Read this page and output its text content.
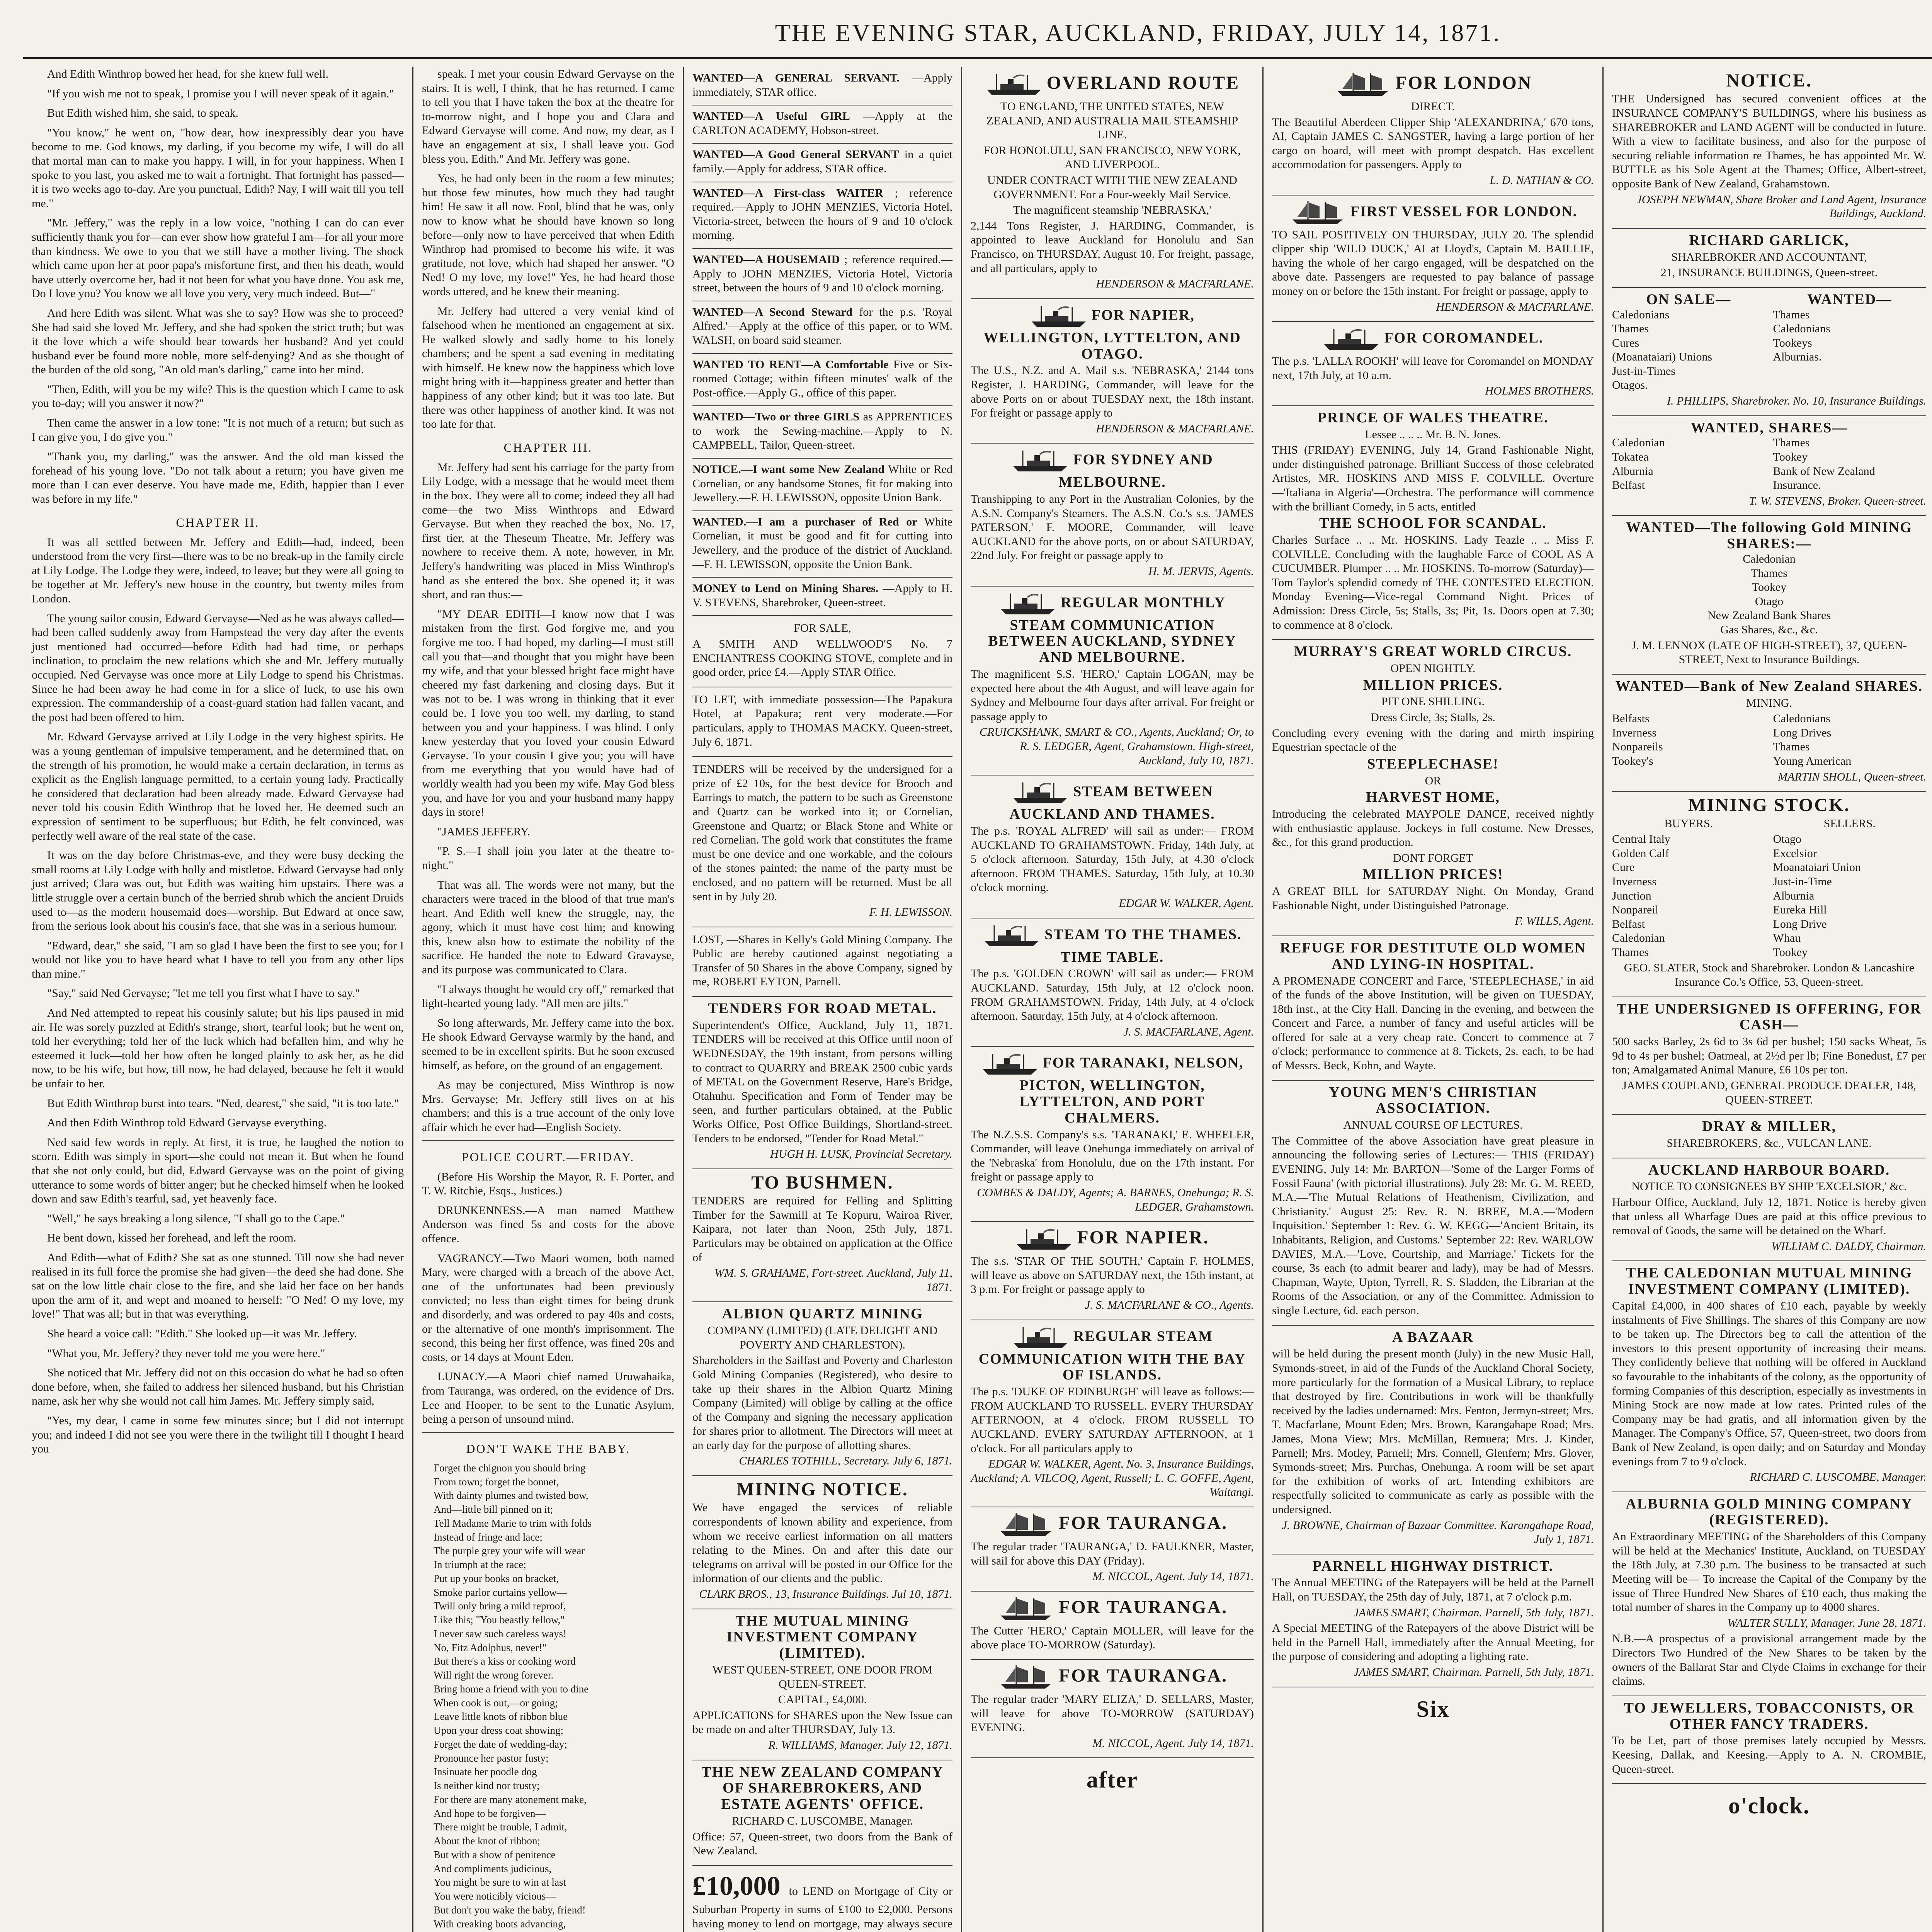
THE EVENING STAR, AUCKLAND, FRIDAY, JULY 14, 1871.

And Edith Winthrop bowed her head, for she knew full well.

"If you wish me not to speak, I promise you I will never speak of it again."

But Edith wished him, she said, to speak.

"You know," he went on, "how dear, how inexpressibly dear you have become to me. God knows, my darling, if you become my wife, I will do all that mortal man can to make you happy. I will, in for your happiness. When I spoke to you last, you asked me to wait a fortnight. That fortnight has passed—it is two weeks ago to-day. Are you punctual, Edith? Nay, I will wait till you tell me."

"Mr. Jeffery," was the reply in a low voice, "nothing I can do can ever sufficiently thank you for—can ever show how grateful I am—for all your more than kindness. We owe to you that we still have a mother living. The shock which came upon her at poor papa's misfortune first, and then his death, would have utterly overcome her, had it not been for what you have done. You ask me, Do I love you? You know we all love you very, very much indeed. But—"

And here Edith was silent. What was she to say? How was she to proceed? She had said she loved Mr. Jeffery, and she had spoken the strict truth; but was it the love which a wife should bear towards her husband? And yet could husband ever be found more noble, more self-denying? And as she thought of the burden of the old song, "An old man's darling," came into her mind.

"Then, Edith, will you be my wife? This is the question which I came to ask you to-day; will you answer it now?"

Then came the answer in a low tone: "It is not much of a return; but such as I can give you, I do give you."

"Thank you, my darling," was the answer. And the old man kissed the forehead of his young love. "Do not talk about a return; you have given me more than I can ever deserve. You have made me, Edith, happier than I ever was before in my life."

CHAPTER II.

It was all settled between Mr. Jeffery and Edith—had, indeed, been understood from the very first—there was to be no break-up in the family circle at Lily Lodge. The Lodge they were, indeed, to leave; but they were all going to be together at Mr. Jeffery's new house in the country, but twenty miles from London.

The young sailor cousin, Edward Gervayse—Ned as he was always called—had been called suddenly away from Hampstead the very day after the events just mentioned had occurred—before Edith had had time, or perhaps inclination, to proclaim the new relations which she and Mr. Jeffery mutually occupied. Ned Gervayse was once more at Lily Lodge to spend his Christmas. Since he had been away he had come in for a slice of luck, to use his own expression. The commandership of a coast-guard station had fallen vacant, and the post had been offered to him.

Mr. Edward Gervayse arrived at Lily Lodge in the very highest spirits. He was a young gentleman of impulsive temperament, and he determined that, on the strength of his promotion, he would make a certain declaration, in terms as explicit as the English language permitted, to a certain young lady. Practically he considered that declaration had been already made. Edward Gervayse had never told his cousin Edith Winthrop that he loved her. He deemed such an expression of sentiment to be superfluous; but Edith, he felt convinced, was perfectly well aware of the real state of the case.

It was on the day before Christmas-eve, and they were busy decking the small rooms at Lily Lodge with holly and mistletoe. Edward Gervayse had only just arrived; Clara was out, but Edith was waiting him upstairs. There was a little struggle over a certain bunch of the berried shrub which the ancient Druids used to—as the modern housemaid does—worship. But Edward at once saw, from the serious look about his cousin's face, that she was in a serious humour.

"Edward, dear," she said, "I am so glad I have been the first to see you; for I would not like you to have heard what I have to tell you from any other lips than mine."

"Say," said Ned Gervayse; "let me tell you first what I have to say."

And Ned attempted to repeat his cousinly salute; but his lips paused in mid air. He was sorely puzzled at Edith's strange, short, tearful look; but he went on, told her everything; told her of the luck which had befallen him, and why he esteemed it luck—told her how often he longed plainly to ask her, as he did now, to be his wife, but how, till now, he had delayed, because he felt it would be unfair to her.

But Edith Winthrop burst into tears. "Ned, dearest," she said, "it is too late."

And then Edith Winthrop told Edward Gervayse everything.

Ned said few words in reply. At first, it is true, he laughed the notion to scorn. Edith was simply in sport—she could not mean it. But when he found that she not only could, but did, Edward Gervayse was on the point of giving utterance to some words of bitter anger; but he checked himself when he looked down and saw Edith's tearful, sad, yet heavenly face.

"Well," he says breaking a long silence, "I shall go to the Cape."

He bent down, kissed her forehead, and left the room.

And Edith—what of Edith? She sat as one stunned. Till now she had never realised in its full force the promise she had given—the deed she had done. She sat on the low little chair close to the fire, and she laid her face on her hands upon the arm of it, and wept and moaned to herself: "O Ned! O my love, my love!" That was all; but in that was everything.

She heard a voice call: "Edith." She looked up—it was Mr. Jeffery.

"What you, Mr. Jeffery? they never told me you were here."

She noticed that Mr. Jeffery did not on this occasion do what he had so often done before, when, she failed to address her silenced husband, but his Christian name, ask her why she would not call him James. Mr. Jeffery simply said,

"Yes, my dear, I came in some few minutes since; but I did not interrupt you; and indeed I did not see you were there in the twilight till I thought I heard you

speak. I met your cousin Edward Gervayse on the stairs. It is well, I think, that he has returned. I came to tell you that I have taken the box at the theatre for to-morrow night, and I hope you and Clara and Edward Gervayse will come. And now, my dear, as I have an engagement at six, I shall leave you. God bless you, Edith." And Mr. Jeffery was gone.

Yes, he had only been in the room a few minutes; but those few minutes, how much they had taught him! He saw it all now. Fool, blind that he was, only now to know what he should have known so long before—only now to have perceived that when Edith Winthrop had promised to become his wife, it was gratitude, not love, which had shaped her answer. "O Ned! O my love, my love!" Yes, he had heard those words uttered, and he knew their meaning.

Mr. Jeffery had uttered a very venial kind of falsehood when he mentioned an engagement at six. He walked slowly and sadly home to his lonely chambers; and he spent a sad evening in meditating with himself. He knew now the happiness which love might bring with it—happiness greater and better than happiness of any other kind; but it was too late. But there was other happiness of another kind. It was not too late for that.

CHAPTER III.

Mr. Jeffery had sent his carriage for the party from Lily Lodge, with a message that he would meet them in the box. They were all to come; indeed they all had come—the two Miss Winthrops and Edward Gervayse. But when they reached the box, No. 17, first tier, at the Theseum Theatre, Mr. Jeffery was nowhere to receive them. A note, however, in Mr. Jeffery's handwriting was placed in Miss Winthrop's hand as she entered the box. She opened it; it was short, and ran thus:—

"MY DEAR EDITH—I know now that I was mistaken from the first. God forgive me, and you forgive me too. I had hoped, my darling—I must still call you that—and thought that you might have been my wife, and that your blessed bright face might have cheered my fast darkening and closing days. But it was not to be. I was wrong in thinking that it ever could be. I love you too well, my darling, to stand between you and your happiness. I was blind. I only knew yesterday that you loved your cousin Edward Gervayse. To your cousin I give you; you will have from me everything that you would have had of worldly wealth had you been my wife. May God bless you, and have for you and your husband many happy days in store!

"JAMES JEFFERY.

"P. S.—I shall join you later at the theatre to-night."

That was all. The words were not many, but the characters were traced in the blood of that true man's heart. And Edith well knew the struggle, nay, the agony, which it must have cost him; and knowing this, knew also how to estimate the nobility of the sacrifice. He handed the note to Edward Gravayse, and its purpose was communicated to Clara.

"I always thought he would cry off," remarked that light-hearted young lady. "All men are jilts."

So long afterwards, Mr. Jeffery came into the box. He shook Edward Gervayse warmly by the hand, and seemed to be in excellent spirits. But he soon excused himself, as before, on the ground of an engagement.

As may be conjectured, Miss Winthrop is now Mrs. Gervayse; Mr. Jeffery still lives on at his chambers; and this is a true account of the only love affair which he ever had—English Society.

POLICE COURT.—FRIDAY.

(Before His Worship the Mayor, R. F. Porter, and T. W. Ritchie, Esqs., Justices.)

DRUNKENNESS.—A man named Matthew Anderson was fined 5s and costs for the above offence.

VAGRANCY.—Two Maori women, both named Mary, were charged with a breach of the above Act, one of the unfortunates had been previously convicted; no less than eight times for being drunk and disorderly, and was ordered to pay 40s and costs, or the alternative of one month's imprisonment. The second, this being her first offence, was fined 20s and costs, or 14 days at Mount Eden.

LUNACY.—A Maori chief named Uruwahaika, from Tauranga, was ordered, on the evidence of Drs. Lee and Hooper, to be sent to the Lunatic Asylum, being a person of unsound mind.

DON'T WAKE THE BABY.
Forget the chignon you should bring
From town; forget the bonnet,
With dainty plumes and twisted bow,
And—little bill pinned on it;
Tell Madame Marie to trim with folds
Instead of fringe and lace;
The purple grey your wife will wear
In triumph at the race;
Put up your books on bracket,
Smoke parlor curtains yellow—
Twill only bring a mild reproof,
Like this; "You beastly fellow,"
I never saw such careless ways!
No, Fitz Adolphus, never!"
But there's a kiss or cooking word
Will right the wrong forever.
Bring home a friend with you to dine
When cook is out,—or going;
Leave little knots of ribbon blue
Upon your dress coat showing;
Forget the date of wedding-day;
Pronounce her pastor fusty;
Insinuate her poodle dog
Is neither kind nor trusty;
For there are many atonement make,
And hope to be forgiven—
There might be trouble, I admit,
About the knot of ribbon;
But with a show of penitence
And compliments judicious,
You might be sure to win at last
You were noticibly vicious—
But don't you wake the baby, friend!
With creaking boots advancing,
WANTED—A GENERAL SERVANT. —Apply immediately, STAR office.
WANTED—A Useful GIRL —Apply at the CARLTON ACADEMY, Hobson-street.
WANTED—A Good General SERVANT in a quiet family.—Apply for address, STAR office.
WANTED—A First-class WAITER ; reference required.—Apply to JOHN MENZIES, Victoria Hotel, Victoria-street, between the hours of 9 and 10 o'clock morning.
WANTED—A HOUSEMAID ; reference required.—Apply to JOHN MENZIES, Victoria Hotel, Victoria street, between the hours of 9 and 10 o'clock morning.
WANTED—A Second Steward for the p.s. 'Royal Alfred.'—Apply at the office of this paper, or to WM. WALSH, on board said steamer.
WANTED TO RENT—A Comfortable Five or Six-roomed Cottage; within fifteen minutes' walk of the Post-office.—Apply G., office of this paper.
WANTED—Two or three GIRLS as APPRENTICES to work the Sewing-machine.—Apply to N. CAMPBELL, Tailor, Queen-street.
NOTICE.—I want some New Zealand White or Red Cornelian, or any handsome Stones, fit for making into Jewellery.—F. H. LEWISSON, opposite Union Bank.
WANTED.—I am a purchaser of Red or White Cornelian, it must be good and fit for cutting into Jewellery, and the produce of the district of Auckland.—F. H. LEWISSON, opposite the Union Bank.
MONEY to Lend on Mining Shares. —Apply to H. V. STEVENS, Sharebroker, Queen-street.
FOR SALE,
A SMITH AND WELLWOOD'S No. 7 ENCHANTRESS COOKING STOVE, complete and in good order, price £4.—Apply STAR Office.
TO LET, with immediate possession—The Papakura Hotel, at Papakura; rent very moderate.—For particulars, apply to THOMAS MACKY. Queen-street, July 6, 1871.
TENDERS will be received by the undersigned for a prize of £2 10s, for the best device for Brooch and Earrings to match, the pattern to be such as Greenstone and Quartz can be worked into it; or Cornelian, Greenstone and Quartz; or Black Stone and White or red Cornelian. The gold work that constitutes the frame must be one device and one workable, and the colours of the stones painted; the name of the party must be enclosed, and no pattern will be returned. Must be all sent in by July 20.
F. H. LEWISSON.
LOST, —Shares in Kelly's Gold Mining Company. The Public are hereby cautioned against negotiating a Transfer of 50 Shares in the above Company, signed by me, ROBERT EYTON, Parnell.
TENDERS FOR ROAD METAL.
Superintendent's Office, Auckland, July 11, 1871. TENDERS will be received at this Office until noon of WEDNESDAY, the 19th instant, from persons willing to contract to QUARRY and BREAK 2500 cubic yards of METAL on the Government Reserve, Hare's Bridge, Otahuhu. Specification and Form of Tender may be seen, and further particulars obtained, at the Public Works Office, Post Office Buildings, Shortland-street. Tenders to be endorsed, "Tender for Road Metal."
HUGH H. LUSK, Provincial Secretary.
TO BUSHMEN.
TENDERS are required for Felling and Splitting Timber for the Sawmill at Te Kopuru, Wairoa River, Kaipara, not later than Noon, 25th July, 1871. Particulars may be obtained on application at the Office of
WM. S. GRAHAME, Fort-street. Auckland, July 11, 1871.
ALBION QUARTZ MINING
COMPANY (LIMITED) (LATE DELIGHT AND POVERTY AND CHARLESTON).
Shareholders in the Sailfast and Poverty and Charleston Gold Mining Companies (Registered), who desire to take up their shares in the Albion Quartz Mining Company (Limited) will oblige by calling at the office of the Company and signing the necessary application for shares prior to allotment. The Directors will meet at an early day for the purpose of allotting shares.
CHARLES TOTHILL, Secretary. July 6, 1871.
MINING NOTICE.
We have engaged the services of reliable correspondents of known ability and experience, from whom we receive earliest information on all matters relating to the Mines. On and after this date our telegrams on arrival will be posted in our Office for the information of our clients and the public.
CLARK BROS., 13, Insurance Buildings. Jul 10, 1871.
THE MUTUAL MINING INVESTMENT COMPANY (LIMITED).
WEST QUEEN-STREET, ONE DOOR FROM QUEEN-STREET.
CAPITAL, £4,000.
APPLICATIONS for SHARES upon the New Issue can be made on and after THURSDAY, July 13.
R. WILLIAMS, Manager. July 12, 1871.
THE NEW ZEALAND COMPANY OF SHAREBROKERS, AND ESTATE AGENTS' OFFICE.
RICHARD C. LUSCOMBE, Manager.
Office: 57, Queen-street, two doors from the Bank of New Zealand.
£10,000 to LEND on Mortgage of City or Suburban Property in sums of £100 to £2,000. Persons having money to lend on mortgage, may always secure
OVERLAND ROUTE
TO ENGLAND, THE UNITED STATES, NEW ZEALAND, AND AUSTRALIA MAIL STEAMSHIP LINE.
FOR HONOLULU, SAN FRANCISCO, NEW YORK, AND LIVERPOOL.
UNDER CONTRACT WITH THE NEW ZEALAND GOVERNMENT. For a Four-weekly Mail Service.
The magnificent steamship 'NEBRASKA,'
2,144 Tons Register, J. HARDING, Commander, is appointed to leave Auckland for Honolulu and San Francisco, on THURSDAY, August 10. For freight, passage, and all particulars, apply to
HENDERSON & MACFARLANE.
FOR NAPIER, WELLINGTON, LYTTELTON, AND OTAGO.
The U.S., N.Z. and A. Mail s.s. 'NEBRASKA,' 2144 tons Register, J. HARDING, Commander, will leave for the above Ports on or about TUESDAY next, the 18th instant. For freight or passage apply to
HENDERSON & MACFARLANE.
FOR SYDNEY AND MELBOURNE.
Transhipping to any Port in the Australian Colonies, by the A.S.N. Company's Steamers. The A.S.N. Co.'s s.s. 'JAMES PATERSON,' F. MOORE, Commander, will leave AUCKLAND for the above ports, on or about SATURDAY, 22nd July. For freight or passage apply to
H. M. JERVIS, Agents.
REGULAR MONTHLY STEAM COMMUNICATION BETWEEN AUCKLAND, SYDNEY AND MELBOURNE.
The magnificent S.S. 'HERO,' Captain LOGAN, may be expected here about the 4th August, and will leave again for Sydney and Melbourne four days after arrival. For freight or passage apply to
CRUICKSHANK, SMART & CO., Agents, Auckland; Or, to R. S. LEDGER, Agent, Grahamstown. High-street, Auckland, July 10, 1871.
STEAM BETWEEN AUCKLAND AND THAMES.
The p.s. 'ROYAL ALFRED' will sail as under:— FROM AUCKLAND TO GRAHAMSTOWN. Friday, 14th July, at 5 o'clock afternoon. Saturday, 15th July, at 4.30 o'clock afternoon. FROM THAMES. Saturday, 15th July, at 10.30 o'clock morning.
EDGAR W. WALKER, Agent.
STEAM TO THE THAMES. TIME TABLE.
The p.s. 'GOLDEN CROWN' will sail as under:— FROM AUCKLAND. Saturday, 15th July, at 12 o'clock noon. FROM GRAHAMSTOWN. Friday, 14th July, at 4 o'clock afternoon. Saturday, 15th July, at 4 o'clock afternoon.
J. S. MACFARLANE, Agent.
FOR TARANAKI, NELSON, PICTON, WELLINGTON, LYTTELTON, AND PORT CHALMERS.
The N.Z.S.S. Company's s.s. 'TARANAKI,' E. WHEELER, Commander, will leave Onehunga immediately on arrival of the 'Nebraska' from Honolulu, due on the 17th instant. For freight or passage apply to
COMBES & DALDY, Agents; A. BARNES, Onehunga; R. S. LEDGER, Grahamstown.
FOR NAPIER.
The s.s. 'STAR OF THE SOUTH,' Captain F. HOLMES, will leave as above on SATURDAY next, the 15th instant, at 3 p.m. For freight or passage apply to
J. S. MACFARLANE & CO., Agents.
REGULAR STEAM COMMUNICATION WITH THE BAY OF ISLANDS.
The p.s. 'DUKE OF EDINBURGH' will leave as follows:— FROM AUCKLAND TO RUSSELL. EVERY THURSDAY AFTERNOON, at 4 o'clock. FROM RUSSELL TO AUCKLAND. EVERY SATURDAY AFTERNOON, at 1 o'clock. For all particulars apply to
EDGAR W. WALKER, Agent, No. 3, Insurance Buildings, Auckland; A. VILCOQ, Agent, Russell; L. C. GOFFE, Agent, Waitangi.
FOR TAURANGA.
The regular trader 'TAURANGA,' D. FAULKNER, Master, will sail for above this DAY (Friday).
M. NICCOL, Agent. July 14, 1871.
FOR TAURANGA.
The Cutter 'HERO,' Captain MOLLER, will leave for the above place TO-MORROW (Saturday).
FOR TAURANGA.
The regular trader 'MARY ELIZA,' D. SELLARS, Master, will leave for above TO-MORROW (SATURDAY) EVENING.
M. NICCOL, Agent. July 14, 1871.
after
FOR LONDON
DIRECT.
The Beautiful Aberdeen Clipper Ship 'ALEXANDRINA,' 670 tons, AI, Captain JAMES C. SANGSTER, having a large portion of her cargo on board, will meet with prompt despatch. Has excellent accommodation for passengers. Apply to
L. D. NATHAN & CO.
FIRST VESSEL FOR LONDON.
TO SAIL POSITIVELY ON THURSDAY, JULY 20. The splendid clipper ship 'WILD DUCK,' AI at Lloyd's, Captain M. BAILLIE, having the whole of her cargo engaged, will be despatched on the above date. Passengers are requested to pay balance of passage money on or before the 15th instant. For freight or passage, apply to
HENDERSON & MACFARLANE.
FOR COROMANDEL.
The p.s. 'LALLA ROOKH' will leave for Coromandel on MONDAY next, 17th July, at 10 a.m.
HOLMES BROTHERS.
PRINCE OF WALES THEATRE.
Lessee .. .. .. Mr. B. N. Jones.
THIS (FRIDAY) EVENING, July 14, Grand Fashionable Night, under distinguished patronage. Brilliant Success of those celebrated Artistes, MR. HOSKINS AND MISS F. COLVILLE. Overture—'Italiana in Algeria'—Orchestra. The performance will commence with the brilliant Comedy, in 5 acts, entitled
THE SCHOOL FOR SCANDAL.
Charles Surface .. .. Mr. HOSKINS. Lady Teazle .. .. Miss F. COLVILLE. Concluding with the laughable Farce of COOL AS A CUCUMBER. Plumper .. .. Mr. HOSKINS. To-morrow (Saturday)—Tom Taylor's splendid comedy of THE CONTESTED ELECTION. Monday Evening—Vice-regal Command Night. Prices of Admission: Dress Circle, 5s; Stalls, 3s; Pit, 1s. Doors open at 7.30; to commence at 8 o'clock.
MURRAY'S GREAT WORLD CIRCUS.
OPEN NIGHTLY.
MILLION PRICES.
PIT ONE SHILLING.
Dress Circle, 3s; Stalls, 2s.
Concluding every evening with the daring and mirth inspiring Equestrian spectacle of the
STEEPLECHASE!
OR
HARVEST HOME,
Introducing the celebrated MAYPOLE DANCE, received nightly with enthusiastic applause. Jockeys in full costume. New Dresses, &c., for this grand production.
DONT FORGET
MILLION PRICES!
A GREAT BILL for SATURDAY Night. On Monday, Grand Fashionable Night, under Distinguished Patronage.
F. WILLS, Agent.
REFUGE FOR DESTITUTE OLD WOMEN AND LYING-IN HOSPITAL.
A PROMENADE CONCERT and Farce, 'STEEPLECHASE,' in aid of the funds of the above Institution, will be given on TUESDAY, 18th inst., at the City Hall. Dancing in the evening, and between the Concert and Farce, a number of fancy and useful articles will be offered for sale at a very cheap rate. Concert to commence at 7 o'clock; performance to commence at 8. Tickets, 2s. each, to be had of Messrs. Beck, Kohn, and Wayte.
YOUNG MEN'S CHRISTIAN ASSOCIATION.
ANNUAL COURSE OF LECTURES.
The Committee of the above Association have great pleasure in announcing the following series of Lectures:— THIS (FRIDAY) EVENING, July 14: Mr. BARTON—'Some of the Larger Forms of Fossil Fauna' (with pictorial illustrations). July 28: Mr. G. M. REED, M.A.—'The Mutual Relations of Heathenism, Civilization, and Christianity.' August 25: Rev. R. N. BREE, M.A.—'Modern Inquisition.' September 1: Rev. G. W. KEGG—'Ancient Britain, its Inhabitants, Religion, and Customs.' September 22: Rev. WARLOW DAVIES, M.A.—'Love, Courtship, and Marriage.' Tickets for the course, 3s each (to admit bearer and lady), may be had of Messrs. Chapman, Wayte, Upton, Tyrrell, R. S. Sladden, the Librarian at the Rooms of the Association, or any of the Committee. Admission to single Lecture, 6d. each person.
A BAZAAR
will be held during the present month (July) in the new Music Hall, Symonds-street, in aid of the Funds of the Auckland Choral Society, more particularly for the formation of a Musical Library, to replace that destroyed by fire. Contributions in work will be thankfully received by the ladies undernamed: Mrs. Fenton, Jermyn-street; Mrs. T. Macfarlane, Mount Eden; Mrs. Brown, Karangahape Road; Mrs. James, Mona View; Mrs. McMillan, Remuera; Mrs. J. Kinder, Parnell; Mrs. Motley, Parnell; Mrs. Connell, Glenfern; Mrs. Glover, Symonds-street; Mrs. Purchas, Onehunga. A room will be set apart for the exhibition of works of art. Intending exhibitors are respectfully solicited to communicate as early as possible with the undersigned.
J. BROWNE, Chairman of Bazaar Committee. Karangahape Road, July 1, 1871.
PARNELL HIGHWAY DISTRICT.
The Annual MEETING of the Ratepayers will be held at the Parnell Hall, on TUESDAY, the 25th day of July, 1871, at 7 o'clock p.m.
JAMES SMART, Chairman. Parnell, 5th July, 1871.
A Special MEETING of the Ratepayers of the above District will be held in the Parnell Hall, immediately after the Annual Meeting, for the purpose of considering and adopting a lighting rate.
JAMES SMART, Chairman. Parnell, 5th July, 1871.
Six
NOTICE.
THE Undersigned has secured convenient offices at the INSURANCE COMPANY'S BUILDINGS, where his business as SHAREBROKER and LAND AGENT will be conducted in future. With a view to facilitate business, and also for the purpose of securing reliable information re Thames, he has appointed Mr. W. BUTTLE as his Sole Agent at the Thames; Office, Albert-street, opposite Bank of New Zealand, Grahamstown.
JOSEPH NEWMAN, Share Broker and Land Agent, Insurance Buildings, Auckland.
RICHARD GARLICK,
SHAREBROKER AND ACCOUNTANT,
21, INSURANCE BUILDINGS, Queen-street.
ON SALE—
Caledonians
Thames
Cures
(Moanataiari) Unions
Just-in-Times
Otagos.
WANTED—
Thames
Caledonians
Tookeys
Alburnias.
I. PHILLIPS, Sharebroker. No. 10, Insurance Buildings.
WANTED, SHARES—
Caledonian
Tokatea
Alburnia
Belfast
Thames
Tookey
Bank of New Zealand
Insurance.
T. W. STEVENS, Broker. Queen-street.
WANTED—The following Gold MINING SHARES:—
Caledonian
Thames
Tookey
Otago
New Zealand Bank Shares
Gas Shares, &c., &c.
J. M. LENNOX (LATE OF HIGH-STREET), 37, QUEEN-STREET, Next to Insurance Buildings.
WANTED—Bank of New Zealand SHARES.
MINING.
Belfasts
Inverness
Nonpareils
Tookey's
Caledonians
Long Drives
Thames
Young American
MARTIN SHOLL, Queen-street.
MINING STOCK.
BUYERS.
Central Italy
Golden Calf
Cure
Inverness
Junction
Nonpareil
Belfast
Caledonian
Thames
SELLERS.
Otago
Excelsior
Moanataiari Union
Just-in-Time
Alburnia
Eureka Hill
Long Drive
Whau
Tookey
GEO. SLATER, Stock and Sharebroker. London & Lancashire Insurance Co.'s Office, 53, Queen-street.
THE UNDERSIGNED IS OFFERING, FOR CASH—
500 sacks Barley, 2s 6d to 3s 6d per bushel; 150 sacks Wheat, 5s 9d to 4s per bushel; Oatmeal, at 2½d per lb; Fine Bonedust, £7 per ton; Amalgamated Animal Manure, £6 10s per ton.
JAMES COUPLAND, GENERAL PRODUCE DEALER, 148, QUEEN-STREET.
DRAY & MILLER,
SHAREBROKERS, &c., VULCAN LANE.
AUCKLAND HARBOUR BOARD.
NOTICE TO CONSIGNEES BY SHIP 'EXCELSIOR,' &c.
Harbour Office, Auckland, July 12, 1871. Notice is hereby given that unless all Wharfage Dues are paid at this office previous to removal of Goods, the same will be detained on the Wharf.
WILLIAM C. DALDY, Chairman.
THE CALEDONIAN MUTUAL MINING INVESTMENT COMPANY (LIMITED).
Capital £4,000, in 400 shares of £10 each, payable by weekly instalments of Five Shillings. The shares of this Company are now to be taken up. The Directors beg to call the attention of the investors to this present opportunity of increasing their means. They confidently believe that nothing will be offered in Auckland so favourable to the inhabitants of the colony, as the opportunity of forming Companies of this description, especially as investments in Mining Stock are now made at low rates. Printed rules of the Company may be had gratis, and all information given by the Manager. The Company's Office, 57, Queen-street, two doors from Bank of New Zealand, is open daily; and on Saturday and Monday evenings from 7 to 9 o'clock.
RICHARD C. LUSCOMBE, Manager.
ALBURNIA GOLD MINING COMPANY (REGISTERED).
An Extraordinary MEETING of the Shareholders of this Company will be held at the Mechanics' Institute, Auckland, on TUESDAY the 18th July, at 7.30 p.m. The business to be transacted at such Meeting will be— To increase the Capital of the Company by the issue of Three Hundred New Shares of £10 each, thus making the total number of shares in the Company up to 4000 shares.
WALTER SULLY, Manager. June 28, 1871.
N.B.—A prospectus of a provisional arrangement made by the Directors Two Hundred of the New Shares to be taken by the owners of the Ballarat Star and Clyde Claims in exchange for their claims.
TO JEWELLERS, TOBACCONISTS, OR OTHER FANCY TRADERS.
To be Let, part of those premises lately occupied by Messrs. Keesing, Dallak, and Keesing.—Apply to A. N. CROMBIE, Queen-street.
o'clock.
